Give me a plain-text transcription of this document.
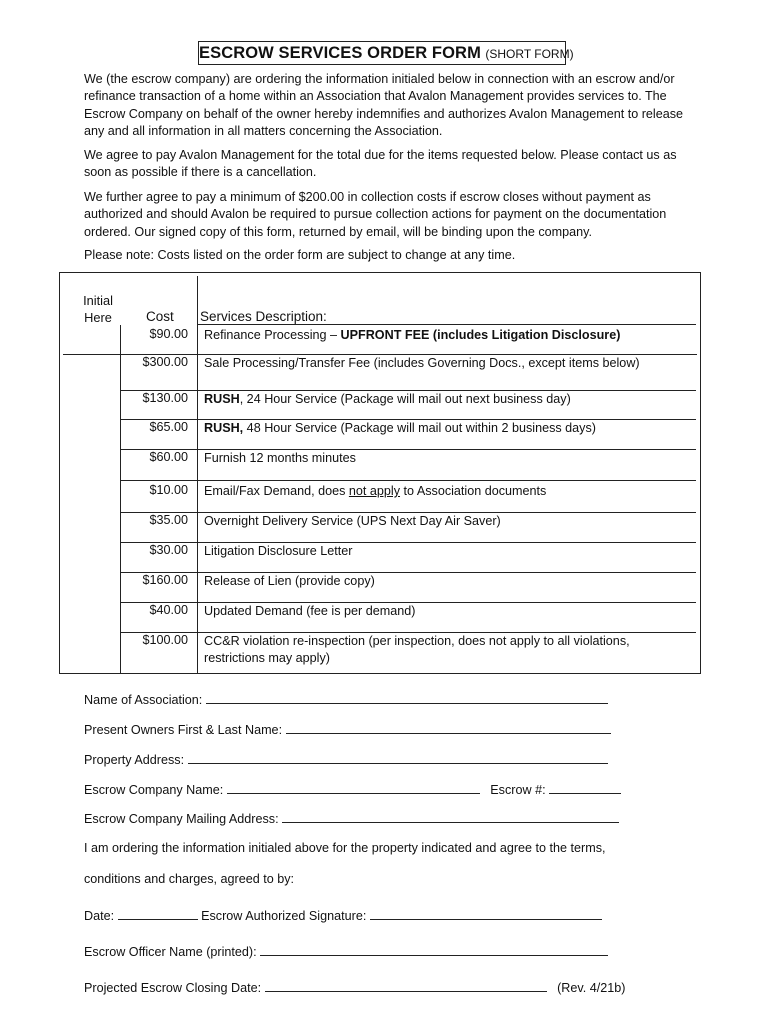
ESCROW SERVICES ORDER FORM (SHORT FORM)

We (the escrow company) are ordering the information initialed below in connection with an escrow and/or refinance transaction of a home within an Association that Avalon Management provides services to. The Escrow Company on behalf of the owner hereby indemnifies and authorizes Avalon Management to release any and all information in all matters concerning the Association.

We agree to pay Avalon Management for the total due for the items requested below. Please contact us as soon as possible if there is a cancellation.

We further agree to pay a minimum of $200.00 in collection costs if escrow closes without payment as authorized and should Avalon be required to pursue collection actions for payment on the documentation ordered. Our signed copy of this form, returned by email, will be binding upon the company.

Please note: Costs listed on the order form are subject to change at any time.

Initial Here	Cost Services Description:
$90.00 Refinance Processing – UPFRONT FEE (includes Litigation Disclosure)
$300.00 Sale Processing/Transfer Fee (includes Governing Docs., except items below)
$130.00 RUSH, 24 Hour Service (Package will mail out next business day)
$65.00 RUSH, 48 Hour Service (Package will mail out within 2 business days)
$60.00 Furnish 12 months minutes
$10.00 Email/Fax Demand, does not apply to Association documents
$35.00 Overnight Delivery Service (UPS Next Day Air Saver)
$30.00 Litigation Disclosure Letter
$160.00 Release of Lien (provide copy)
$40.00 Updated Demand (fee is per demand)
$100.00 CC&R violation re-inspection (per inspection, does not apply to all violations, restrictions may apply)
Name of Association:
Present Owners First & Last Name:
Property Address:
Escrow Company Name:	Escrow #:
Escrow Company Mailing Address:
I am ordering the information initialed above for the property indicated and agree to the terms,
conditions and charges, agreed to by:
Date:	Escrow Authorized Signature:
Escrow Officer Name (printed):
Projected Escrow Closing Date:	(Rev. 4/21b)
